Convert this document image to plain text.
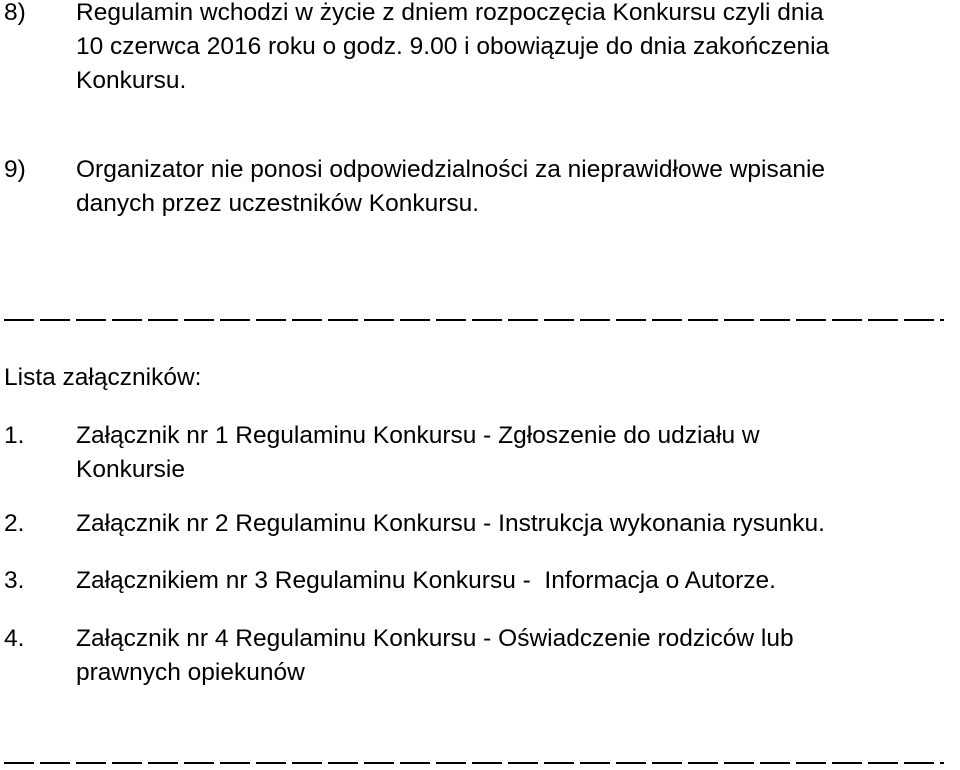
8)	Regulamin wchodzi w życie z dniem rozpoczęcia Konkursu czyli dnia
10 czerwca 2016 roku o godz. 9.00 i obowiązuje do dnia zakończenia
Konkursu.
9)	Organizator nie ponosi odpowiedzialności za nieprawidłowe wpisanie
danych przez uczestników Konkursu.
Lista załączników:
1.	Załącznik nr 1 Regulaminu Konkursu - Zgłoszenie do udziału w
Konkursie
2.	Załącznik nr 2 Regulaminu Konkursu - Instrukcja wykonania rysunku.
3.	Załącznikiem nr 3 Regulaminu Konkursu -  Informacja o Autorze.
4.	Załącznik nr 4 Regulaminu Konkursu - Oświadczenie rodziców lub
prawnych opiekunów
